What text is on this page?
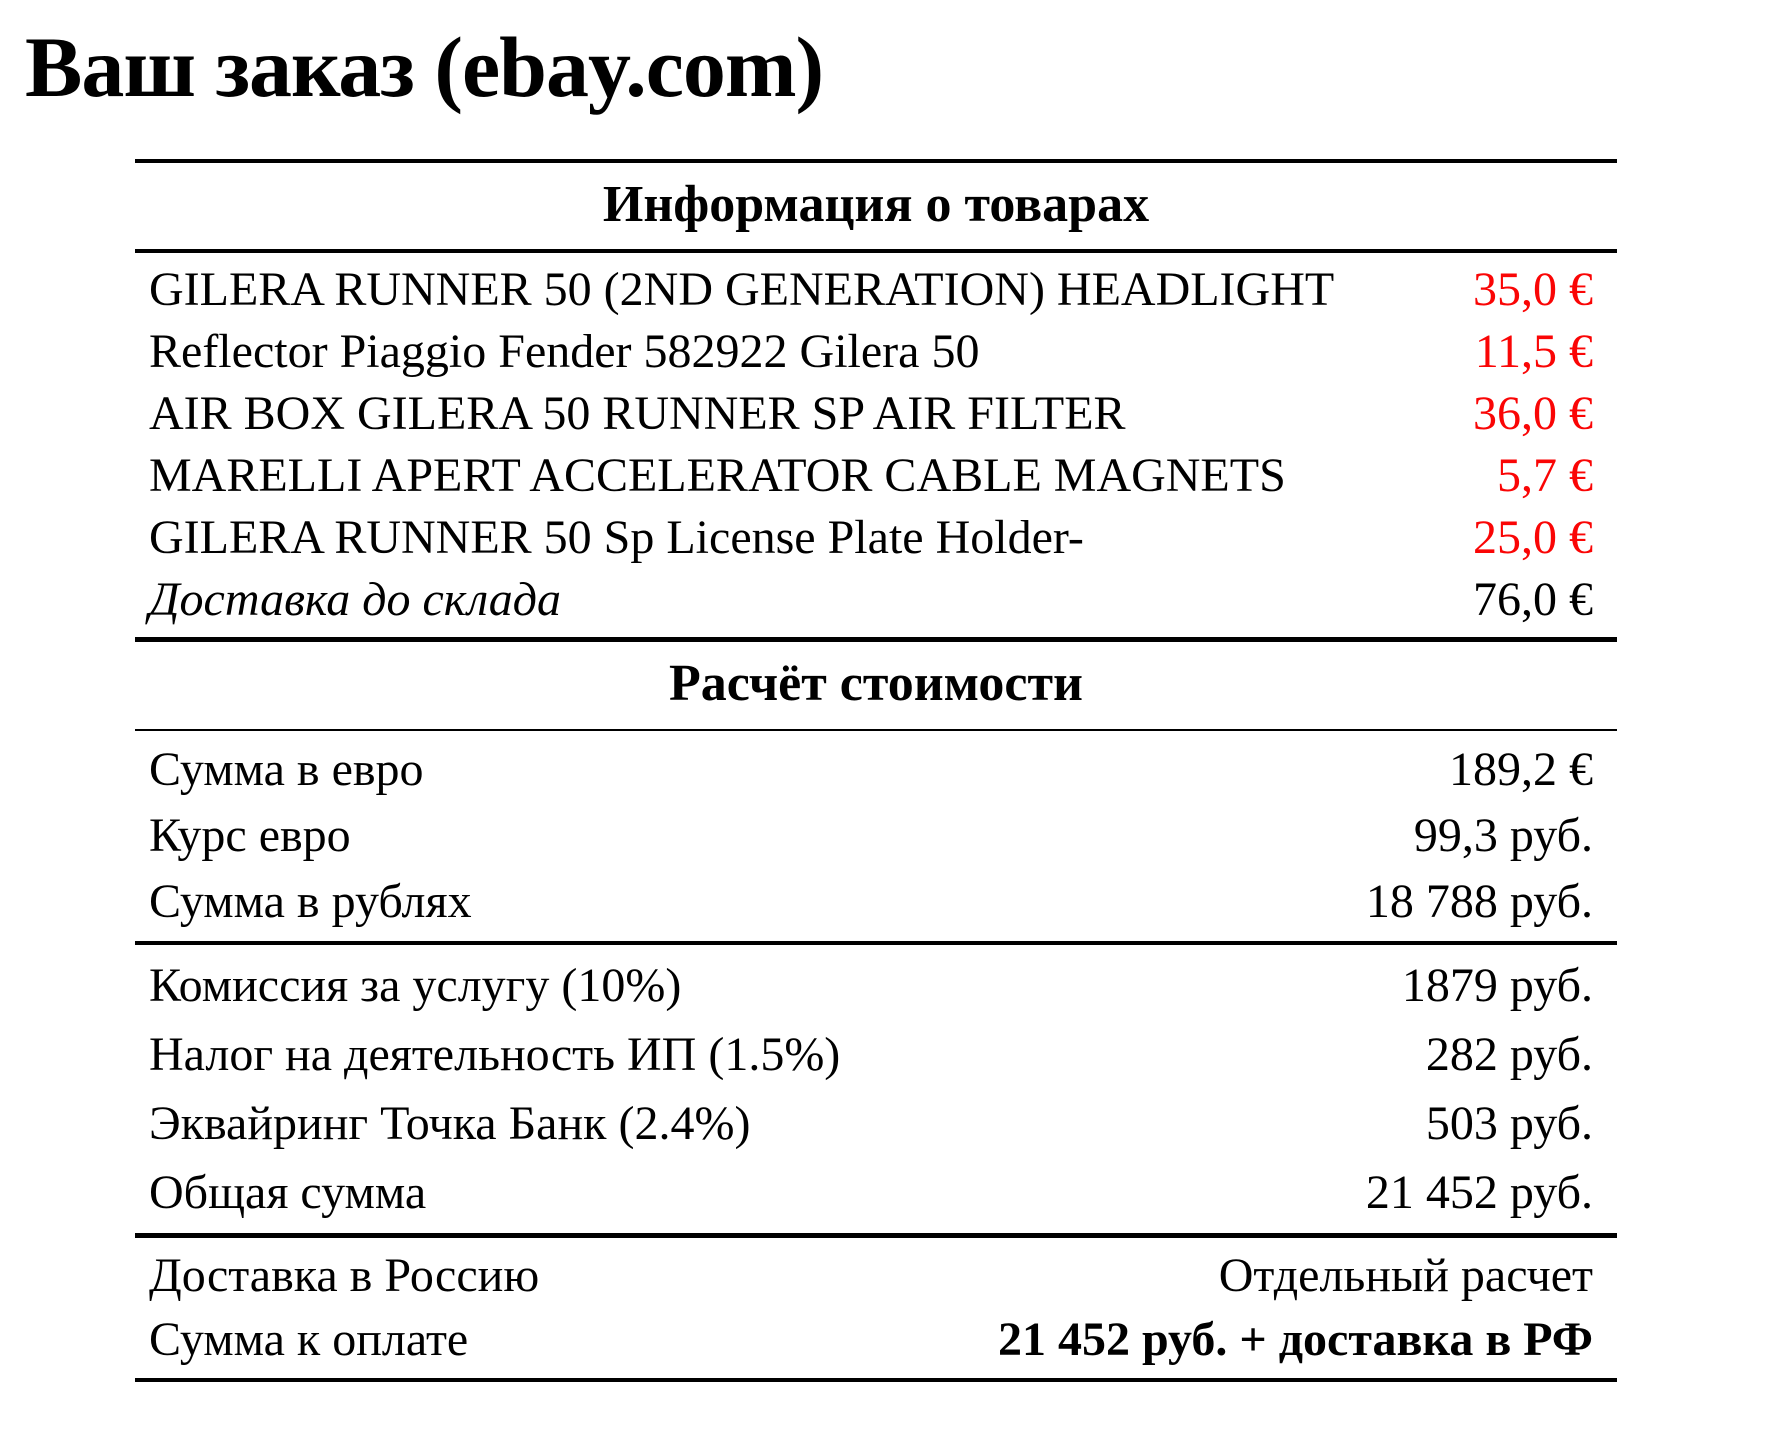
Ваш заказ (ebay.com)
Информация о товарах
GILERA RUNNER 50 (2ND GENERATION) HEADLIGHT	35,0 €
Reflector Piaggio Fender 582922 Gilera 50	11,5 €
AIR BOX GILERA 50 RUNNER SP AIR FILTER	36,0 €
MARELLI APERT ACCELERATOR CABLE MAGNETS	5,7 €
GILERA RUNNER 50 Sp License Plate Holder-	25,0 €
Доставка до склада	76,0 €
Расчёт стоимости
Сумма в евро	189,2 €
Курс евро	99,3 руб.
Сумма в рублях	18 788 руб.
Комиссия за услугу (10%)	1879 руб.
Налог на деятельность ИП (1.5%)	282 руб.
Эквайринг Точка Банк (2.4%)	503 руб.
Общая сумма	21 452 руб.
Доставка в Россию	Отдельный расчет
Сумма к оплате	21 452 руб. + доставка в РФ
